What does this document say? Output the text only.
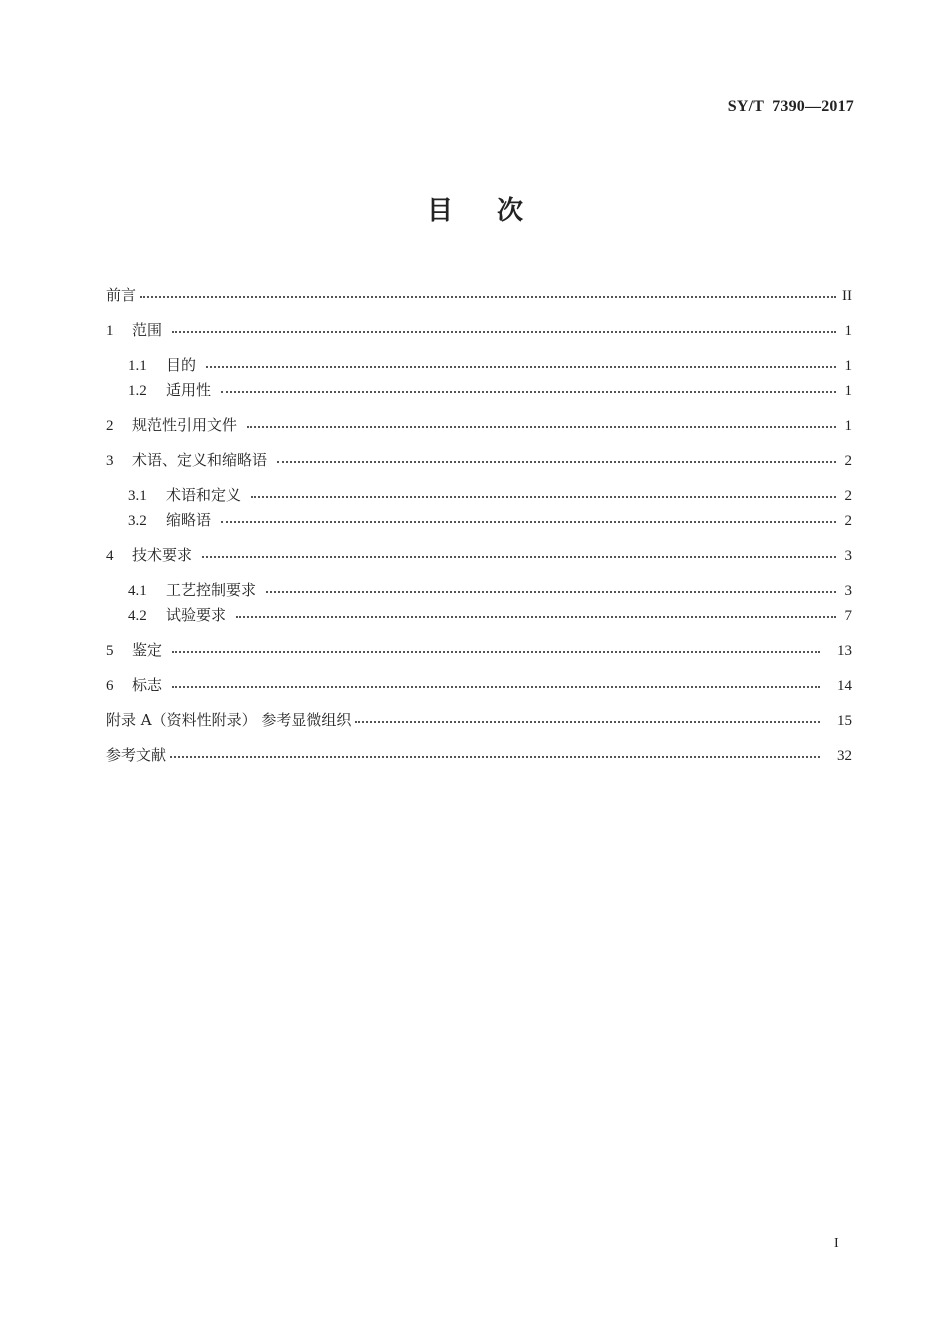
SY/T  7390—2017
目次
前言	II
1	范围	1
1.1	目的	1
1.2	适用性	1
2	规范性引用文件	1
3	术语、定义和缩略语	2
3.1	术语和定义	2
3.2	缩略语	2
4	技术要求	3
4.1	工艺控制要求	3
4.2	试验要求	7
5	鉴定	13
6	标志	14
附录 A（资料性附录） 参考显微组织	15
参考文献	32
I
